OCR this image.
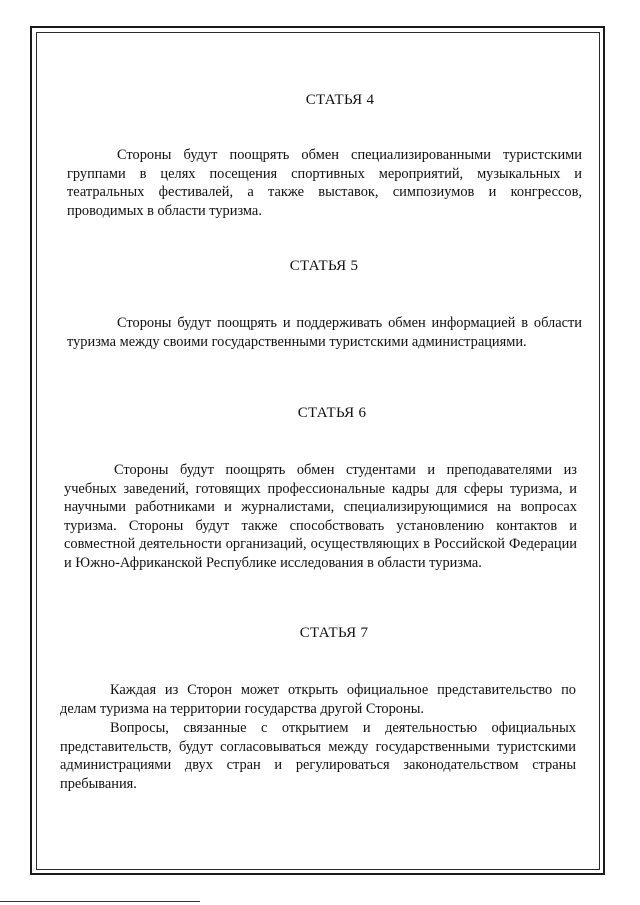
СТАТЬЯ 4

Стороны будут поощрять обмен специализированными туристскими группами в целях посещения спортивных мероприятий, музыкальных и театральных фестивалей, а также выставок, симпозиумов и конгрессов, проводимых в области туризма.

СТАТЬЯ 5

Стороны будут поощрять и поддерживать обмен информацией в области туризма между своими государственными туристскими администрациями.

СТАТЬЯ 6

Стороны будут поощрять обмен студентами и преподавателями из учебных заведений, готовящих профессиональные кадры для сферы туризма, и научными работниками и журналистами, специализирующимися на вопросах туризма. Стороны будут также способствовать установлению контактов и совместной деятельности организаций, осуществляющих в Российской Федерации и Южно-Африканской Республике исследования в области туризма.

СТАТЬЯ 7

Каждая из Сторон может открыть официальное представительство по делам туризма на территории государства другой Стороны.

Вопросы, связанные с открытием и деятельностью официальных представительств, будут согласовываться между государственными туристскими администрациями двух стран и регулироваться законодательством страны пребывания.
